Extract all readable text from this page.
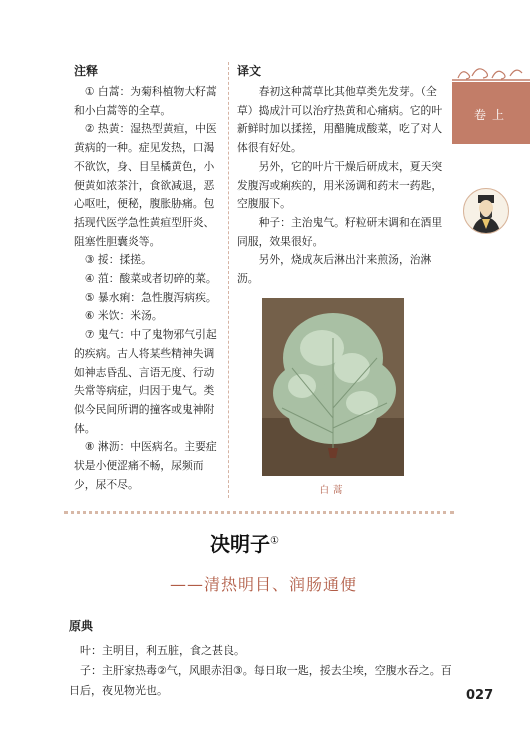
卷上
注释

① 白蒿：为菊科植物大籽蒿和小白蒿等的全草。

② 热黄：湿热型黄疸，中医黄病的一种。症见发热，口渴不欲饮，身、目呈橘黄色，小便黄如浓茶汁，食欲减退，恶心呕吐，便秘，腹胀胁痛。包括现代医学急性黄疸型肝炎、阻塞性胆囊炎等。

③ 挼：揉搓。

④ 菹：酸菜或者切碎的菜。

⑤ 暴水痢：急性腹泻病疾。

⑥ 米饮：米汤。

⑦ 鬼气：中了鬼物邪气引起的疾病。古人将某些精神失调如神志昏乱、言语无度、行动失常等病症，归因于鬼气。类似今民间所谓的撞客或鬼神附体。

⑧ 淋沥：中医病名。主要症状是小便涩痛不畅，尿频而少，尿不尽。

译文

春初这种蒿草比其他草类先发芽。（全草）捣成汁可以治疗热黄和心痛病。它的叶新鲜时加以揉搓，用醋腌成酸菜，吃了对人体很有好处。

另外，它的叶片干燥后研成末，夏天突发腹泻或痢疾的，用米汤调和药末一药匙，空腹服下。

种子：主治鬼气。籽粒研末调和在酒里同服，效果很好。

另外，烧成灰后淋出汁来煎汤，治淋沥。

白蒿
决明子①
——清热明目、润肠通便
原典

叶：主明目，利五脏，食之甚良。

子：主肝家热毒②气，风眼赤泪③。每日取一匙，挼去尘埃，空腹水吞之。百日后，夜见物光也。	027
